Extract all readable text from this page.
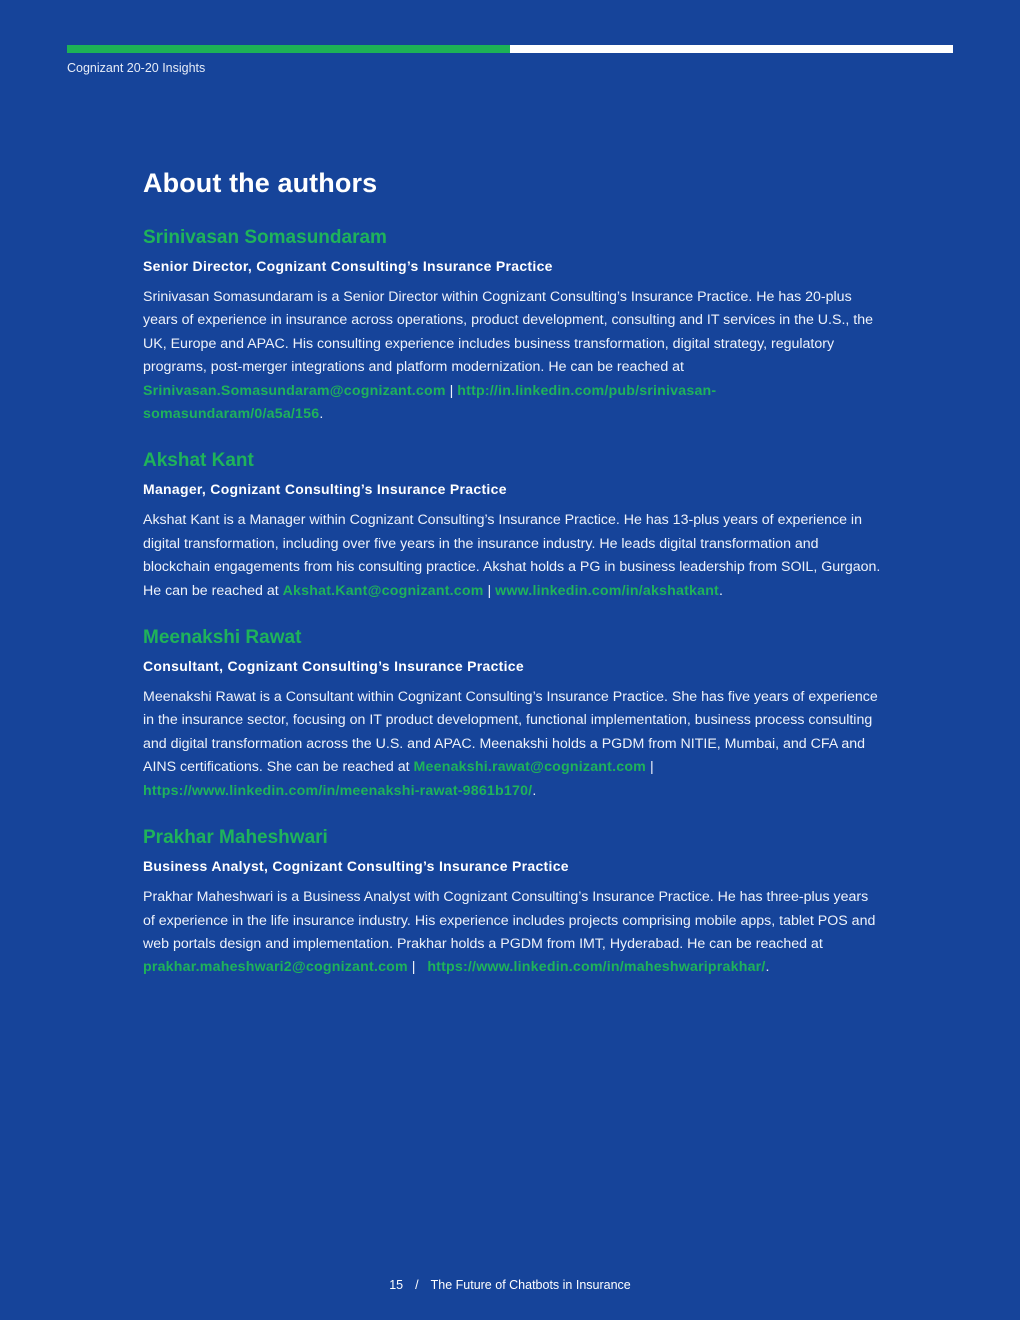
Cognizant 20-20 Insights
About the authors
Srinivasan Somasundaram
Senior Director, Cognizant Consulting’s Insurance Practice

Srinivasan Somasundaram is a Senior Director within Cognizant Consulting’s Insurance Practice. He has 20-plus years of experience in insurance across operations, product development, consulting and IT services in the U.S., the UK, Europe and APAC. His consulting experience includes business transformation, digital strategy, regulatory programs, post-merger integrations and platform modernization. He can be reached at Srinivasan.Somasundaram@cognizant.com | http://in.linkedin.com/pub/srinivasan-somasundaram/0/a5a/156.

Akshat Kant
Manager, Cognizant Consulting’s Insurance Practice

Akshat Kant is a Manager within Cognizant Consulting’s Insurance Practice. He has 13-plus years of experience in digital transformation, including over five years in the insurance industry. He leads digital transformation and blockchain engagements from his consulting practice. Akshat holds a PG in business leadership from SOIL, Gurgaon. He can be reached at Akshat.Kant@cognizant.com | www.linkedin.com/in/akshatkant.

Meenakshi Rawat
Consultant, Cognizant Consulting’s Insurance Practice

Meenakshi Rawat is a Consultant within Cognizant Consulting’s Insurance Practice. She has five years of experience in the insurance sector, focusing on IT product development, functional implementation, business process consulting and digital transformation across the U.S. and APAC. Meenakshi holds a PGDM from NITIE, Mumbai, and CFA and AINS certifications. She can be reached at Meenakshi.rawat@cognizant.com | https://www.linkedin.com/in/meenakshi-rawat-9861b170/.

Prakhar Maheshwari
Business Analyst, Cognizant Consulting’s Insurance Practice

Prakhar Maheshwari is a Business Analyst with Cognizant Consulting’s Insurance Practice. He has three-plus years of experience in the life insurance industry. His experience includes projects comprising mobile apps, tablet POS and web portals design and implementation. Prakhar holds a PGDM from IMT, Hyderabad. He can be reached at prakhar.maheshwari2@cognizant.com |   https://www.linkedin.com/in/maheshwariprakhar/.

15 / The Future of Chatbots in Insurance
